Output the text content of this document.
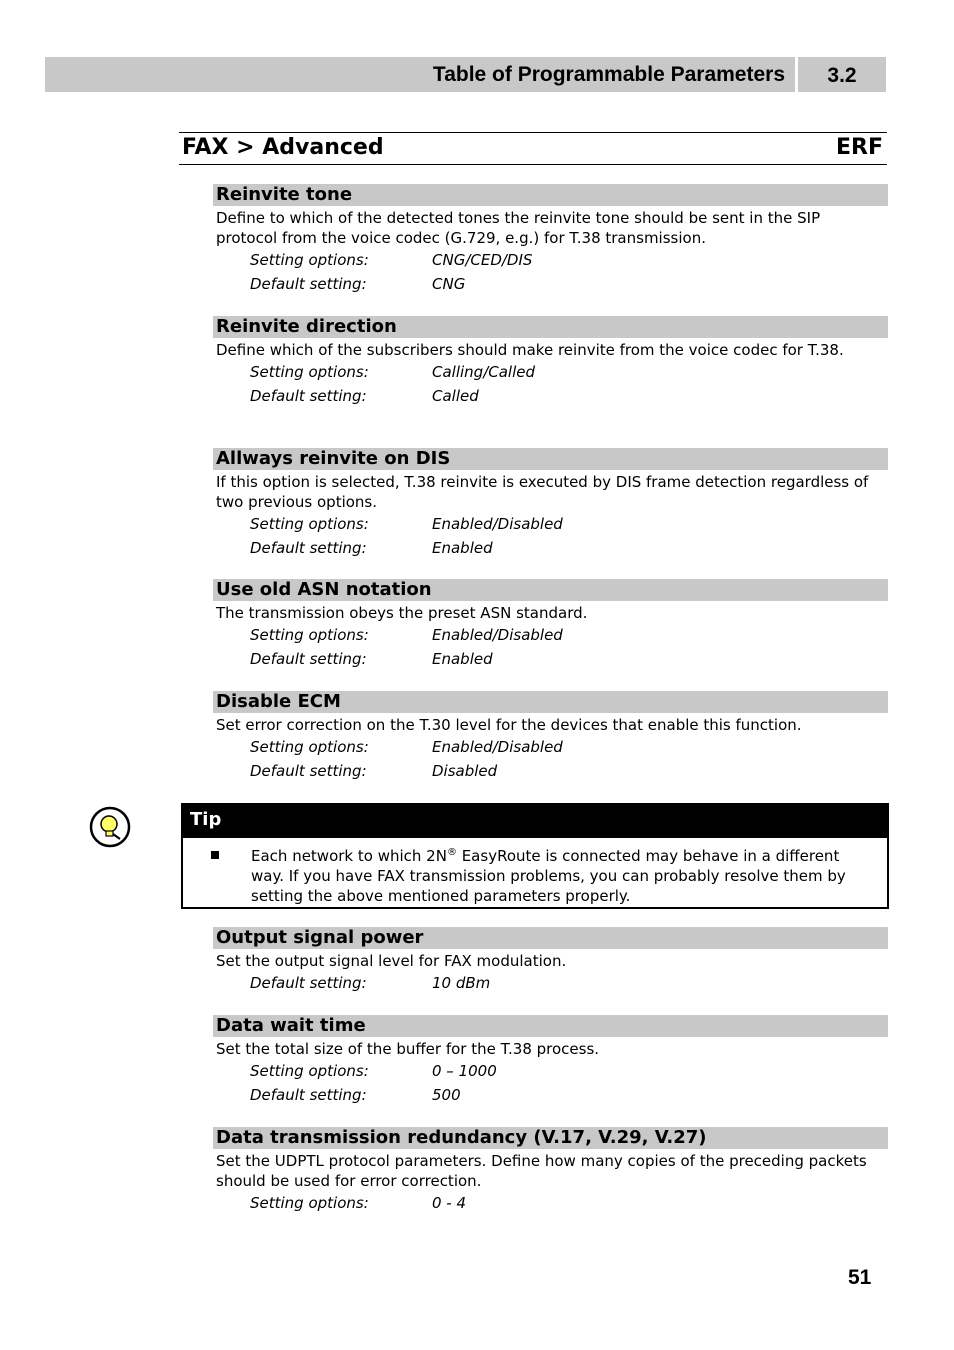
Table of Programmable Parameters	3.2
FAX > Advanced	ERF
Reinvite tone
Define to which of the detected tones the reinvite tone should be sent in the SIP protocol from the voice codec (G.729, e.g.) for T.38 transmission.
Setting options:	CNG/CED/DIS
Default setting:	CNG
Reinvite direction
Define which of the subscribers should make reinvite from the voice codec for T.38.
Setting options:	Calling/Called
Default setting:	Called
Allways reinvite on DIS
If this option is selected, T.38 reinvite is executed by DIS frame detection regardless of two previous options.
Setting options:	Enabled/Disabled
Default setting:	Enabled
Use old ASN notation
The transmission obeys the preset ASN standard.
Setting options:	Enabled/Disabled
Default setting:	Enabled
Disable ECM
Set error correction on the T.30 level for the devices that enable this function.
Setting options:	Enabled/Disabled
Default setting:	Disabled
Tip
Each network to which 2N® EasyRoute is connected may behave in a different way. If you have FAX transmission problems, you can probably resolve them by setting the above mentioned parameters properly.
Output signal power
Set the output signal level for FAX modulation.
Default setting:	10 dBm
Data wait time
Set the total size of the buffer for the T.38 process.
Setting options:	0 – 1000
Default setting:	500
Data transmission redundancy (V.17, V.29, V.27)
Set the UDPTL protocol parameters. Define how many copies of the preceding packets should be used for error correction.
Setting options:	0 - 4
51
